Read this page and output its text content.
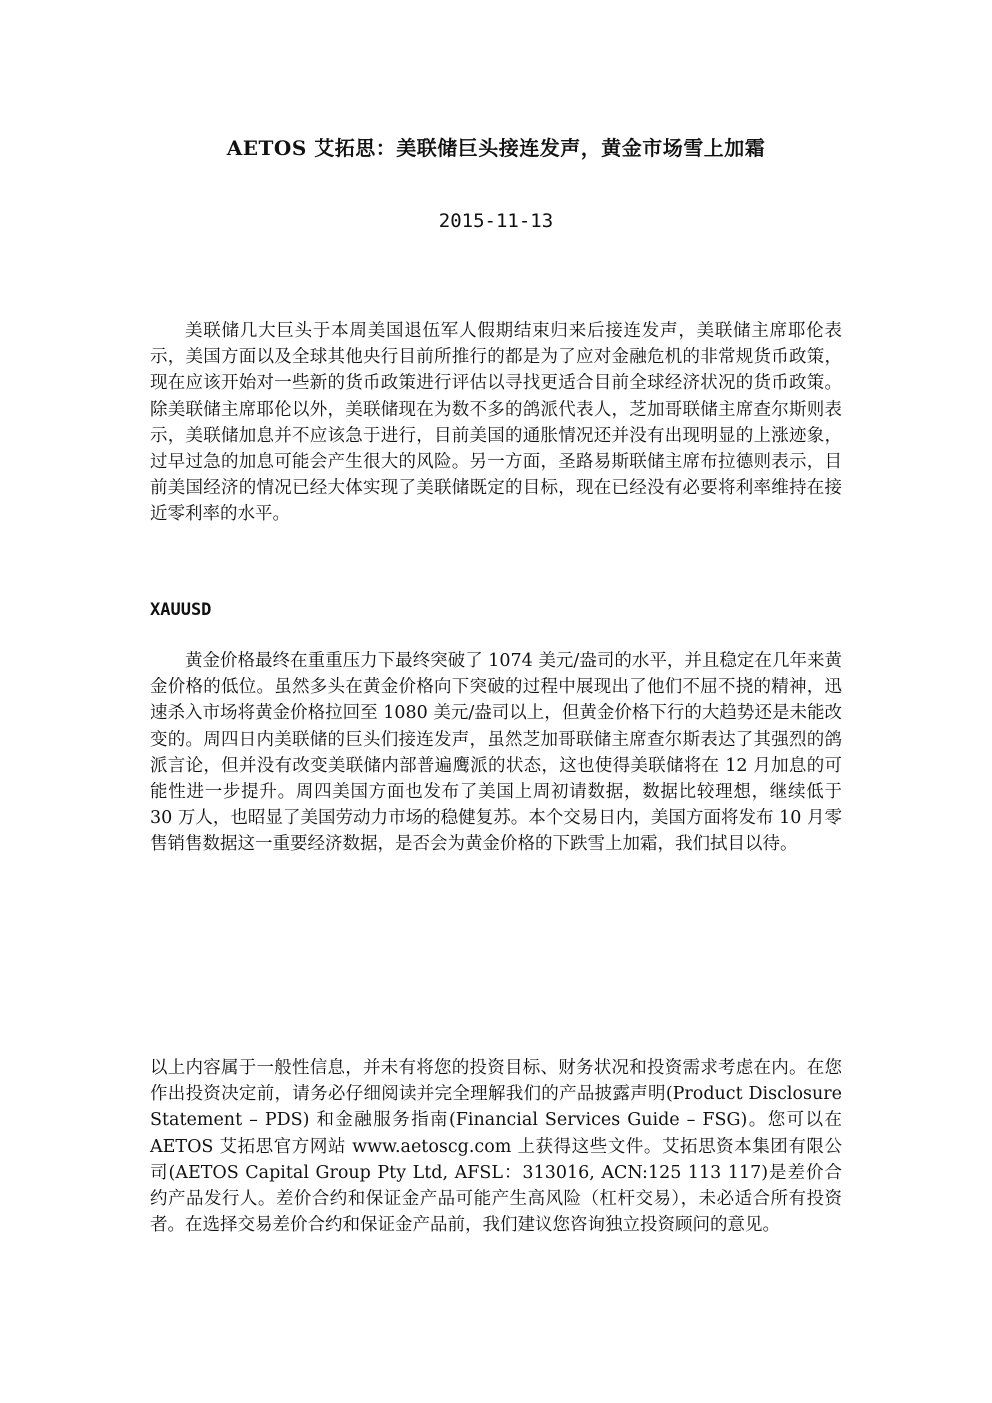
AETOS 艾拓思：美联储巨头接连发声，黄金市场雪上加霜
2015-11-13

美联储几大巨头于本周美国退伍军人假期结束归来后接连发声，美联储主席耶伦表示，美国方面以及全球其他央行目前所推行的都是为了应对金融危机的非常规货币政策，现在应该开始对一些新的货币政策进行评估以寻找更适合目前全球经济状况的货币政策。除美联储主席耶伦以外，美联储现在为数不多的鸽派代表人，芝加哥联储主席查尔斯则表示，美联储加息并不应该急于进行，目前美国的通胀情况还并没有出现明显的上涨迹象，过早过急的加息可能会产生很大的风险。另一方面，圣路易斯联储主席布拉德则表示，目前美国经济的情况已经大体实现了美联储既定的目标，现在已经没有必要将利率维持在接近零利率的水平。

XAUUSD

黄金价格最终在重重压力下最终突破了 1074 美元/盎司的水平，并且稳定在几年来黄金价格的低位。虽然多头在黄金价格向下突破的过程中展现出了他们不屈不挠的精神，迅速杀入市场将黄金价格拉回至 1080 美元/盎司以上，但黄金价格下行的大趋势还是未能改变的。周四日内美联储的巨头们接连发声，虽然芝加哥联储主席查尔斯表达了其强烈的鸽派言论，但并没有改变美联储内部普遍鹰派的状态，这也使得美联储将在 12 月加息的可能性进一步提升。周四美国方面也发布了美国上周初请数据，数据比较理想，继续低于 30 万人，也昭显了美国劳动力市场的稳健复苏。本个交易日内，美国方面将发布 10 月零售销售数据这一重要经济数据，是否会为黄金价格的下跌雪上加霜，我们拭目以待。

以上内容属于一般性信息，并未有将您的投资目标、财务状况和投资需求考虑在内。在您作出投资决定前，请务必仔细阅读并完全理解我们的产品披露声明(Product Disclosure Statement – PDS) 和金融服务指南(Financial Services Guide – FSG)。您可以在 AETOS 艾拓思官方网站 www.aetoscg.com 上获得这些文件。艾拓思资本集团有限公司(AETOS Capital Group Pty Ltd, AFSL：313016, ACN:125 113 117)是差价合约产品发行人。差价合约和保证金产品可能产生高风险（杠杆交易），未必适合所有投资者。在选择交易差价合约和保证金产品前，我们建议您咨询独立投资顾问的意见。
